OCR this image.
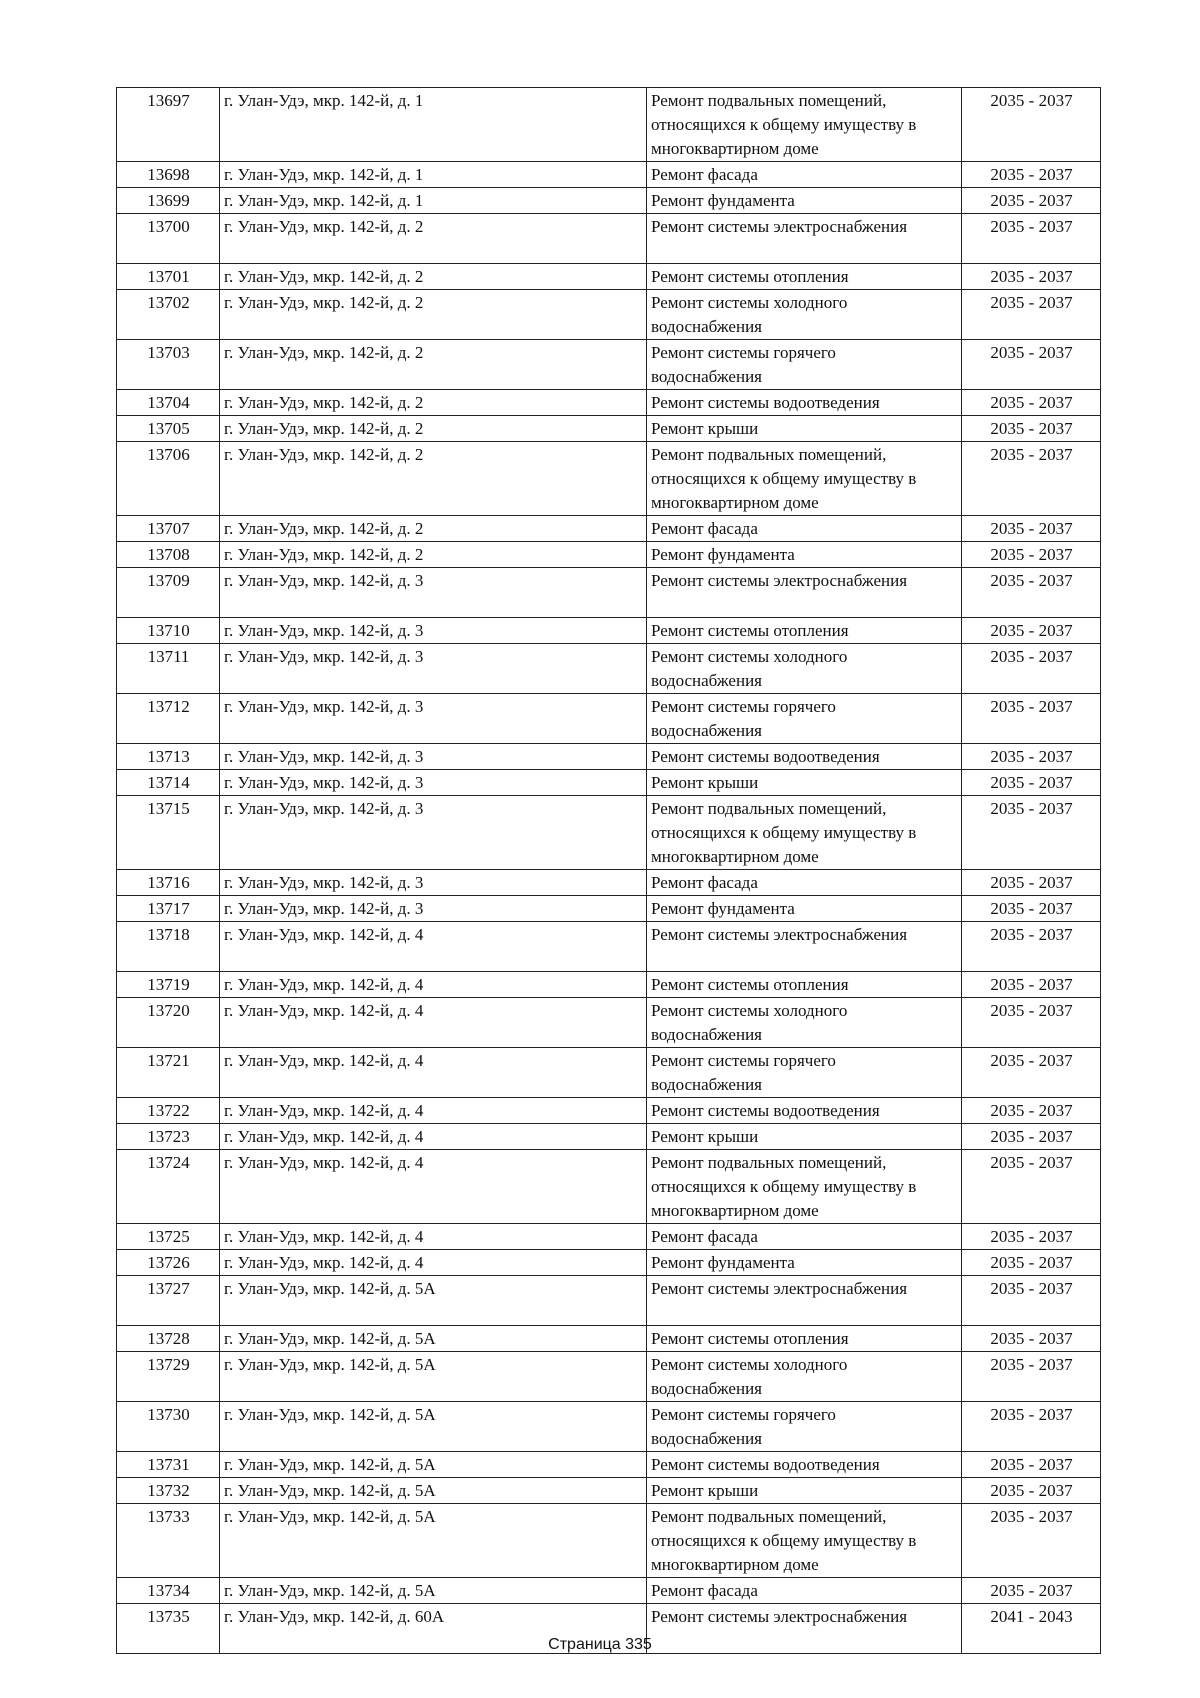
13697	г. Улан-Удэ, мкр. 142-й, д. 1	Ремонт подвальных помещений,
относящихся к общему имуществу в
многоквартирном доме	2035 - 2037
13698	г. Улан-Удэ, мкр. 142-й, д. 1	Ремонт фасада	2035 - 2037
13699	г. Улан-Удэ, мкр. 142-й, д. 1	Ремонт фундамента	2035 - 2037
13700	г. Улан-Удэ, мкр. 142-й, д. 2	Ремонт системы электроснабжения	2035 - 2037
13701	г. Улан-Удэ, мкр. 142-й, д. 2	Ремонт системы отопления	2035 - 2037
13702	г. Улан-Удэ, мкр. 142-й, д. 2	Ремонт системы холодного
водоснабжения	2035 - 2037
13703	г. Улан-Удэ, мкр. 142-й, д. 2	Ремонт системы горячего
водоснабжения	2035 - 2037
13704	г. Улан-Удэ, мкр. 142-й, д. 2	Ремонт системы водоотведения	2035 - 2037
13705	г. Улан-Удэ, мкр. 142-й, д. 2	Ремонт крыши	2035 - 2037
13706	г. Улан-Удэ, мкр. 142-й, д. 2	Ремонт подвальных помещений,
относящихся к общему имуществу в
многоквартирном доме	2035 - 2037
13707	г. Улан-Удэ, мкр. 142-й, д. 2	Ремонт фасада	2035 - 2037
13708	г. Улан-Удэ, мкр. 142-й, д. 2	Ремонт фундамента	2035 - 2037
13709	г. Улан-Удэ, мкр. 142-й, д. 3	Ремонт системы электроснабжения	2035 - 2037
13710	г. Улан-Удэ, мкр. 142-й, д. 3	Ремонт системы отопления	2035 - 2037
13711	г. Улан-Удэ, мкр. 142-й, д. 3	Ремонт системы холодного
водоснабжения	2035 - 2037
13712	г. Улан-Удэ, мкр. 142-й, д. 3	Ремонт системы горячего
водоснабжения	2035 - 2037
13713	г. Улан-Удэ, мкр. 142-й, д. 3	Ремонт системы водоотведения	2035 - 2037
13714	г. Улан-Удэ, мкр. 142-й, д. 3	Ремонт крыши	2035 - 2037
13715	г. Улан-Удэ, мкр. 142-й, д. 3	Ремонт подвальных помещений,
относящихся к общему имуществу в
многоквартирном доме	2035 - 2037
13716	г. Улан-Удэ, мкр. 142-й, д. 3	Ремонт фасада	2035 - 2037
13717	г. Улан-Удэ, мкр. 142-й, д. 3	Ремонт фундамента	2035 - 2037
13718	г. Улан-Удэ, мкр. 142-й, д. 4	Ремонт системы электроснабжения	2035 - 2037
13719	г. Улан-Удэ, мкр. 142-й, д. 4	Ремонт системы отопления	2035 - 2037
13720	г. Улан-Удэ, мкр. 142-й, д. 4	Ремонт системы холодного
водоснабжения	2035 - 2037
13721	г. Улан-Удэ, мкр. 142-й, д. 4	Ремонт системы горячего
водоснабжения	2035 - 2037
13722	г. Улан-Удэ, мкр. 142-й, д. 4	Ремонт системы водоотведения	2035 - 2037
13723	г. Улан-Удэ, мкр. 142-й, д. 4	Ремонт крыши	2035 - 2037
13724	г. Улан-Удэ, мкр. 142-й, д. 4	Ремонт подвальных помещений,
относящихся к общему имуществу в
многоквартирном доме	2035 - 2037
13725	г. Улан-Удэ, мкр. 142-й, д. 4	Ремонт фасада	2035 - 2037
13726	г. Улан-Удэ, мкр. 142-й, д. 4	Ремонт фундамента	2035 - 2037
13727	г. Улан-Удэ, мкр. 142-й, д. 5А	Ремонт системы электроснабжения	2035 - 2037
13728	г. Улан-Удэ, мкр. 142-й, д. 5А	Ремонт системы отопления	2035 - 2037
13729	г. Улан-Удэ, мкр. 142-й, д. 5А	Ремонт системы холодного
водоснабжения	2035 - 2037
13730	г. Улан-Удэ, мкр. 142-й, д. 5А	Ремонт системы горячего
водоснабжения	2035 - 2037
13731	г. Улан-Удэ, мкр. 142-й, д. 5А	Ремонт системы водоотведения	2035 - 2037
13732	г. Улан-Удэ, мкр. 142-й, д. 5А	Ремонт крыши	2035 - 2037
13733	г. Улан-Удэ, мкр. 142-й, д. 5А	Ремонт подвальных помещений,
относящихся к общему имуществу в
многоквартирном доме	2035 - 2037
13734	г. Улан-Удэ, мкр. 142-й, д. 5А	Ремонт фасада	2035 - 2037
13735	г. Улан-Удэ, мкр. 142-й, д. 60А	Ремонт системы электроснабжения	2041 - 2043
Страница 335
